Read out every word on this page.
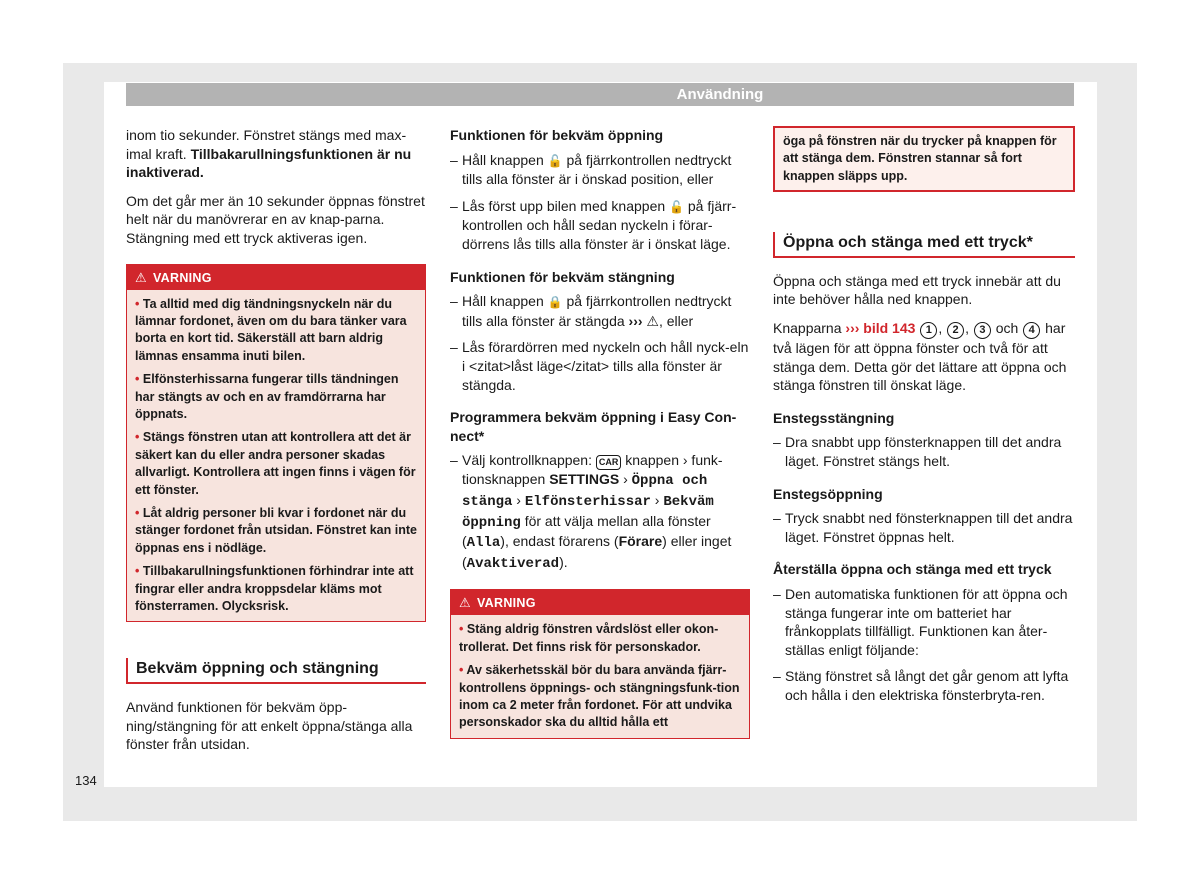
Användning

inom tio sekunder. Fönstret stängs med max-imal kraft. Tillbakarullningsfunktionen är nu inaktiverad.

Om det går mer än 10 sekunder öppnas fönstret helt när du manövrerar en av knap-parna. Stängning med ett tryck aktiveras igen.

⚠ VARNING
• Ta alltid med dig tändningsnyckeln när du lämnar fordonet, även om du bara tänker vara borta en kort tid. Säkerställ att barn aldrig lämnas ensamma inuti bilen.
• Elfönsterhissarna fungerar tills tändningen har stängts av och en av framdörrarna har öppnats.
• Stängs fönstren utan att kontrollera att det är säkert kan du eller andra personer skadas allvarligt. Kontrollera att ingen finns i vägen för ett fönster.
• Låt aldrig personer bli kvar i fordonet när du stänger fordonet från utsidan. Fönstret kan inte öppnas ens i nödläge.
• Tillbakarullningsfunktionen förhindrar inte att fingrar eller andra kroppsdelar kläms mot fönsterramen. Olycksrisk.
Bekväm öppning och stängning

Använd funktionen för bekväm öpp-ning/stängning för att enkelt öppna/stänga alla fönster från utsidan.

Funktionen för bekväm öppning
– Håll knappen 🔓 på fjärrkontrollen nedtryckt tills alla fönster är i önskad position, eller
– Lås först upp bilen med knappen 🔓 på fjärr-kontrollen och håll sedan nyckeln i förar-dörrens lås tills alla fönster är i önskat läge.
Funktionen för bekväm stängning
– Håll knappen 🔒 på fjärrkontrollen nedtryckt tills alla fönster är stängda ››› ⚠, eller
– Lås förardörren med nyckeln och håll nyck-eln i <zitat>låst läge</zitat> tills alla fönster är stängda.
Programmera bekväm öppning i Easy Con-nect*
– Välj kontrollknappen: CAR knappen › funk-tionsknappen SETTINGS › Öppna och stänga › Elfönsterhissar › Bekväm öppning för att välja mellan alla fönster (Alla), endast förarens (Förare) eller inget (Avaktiverad).
⚠ VARNING
• Stäng aldrig fönstren vårdslöst eller okon-trollerat. Det finns risk för personskador.
• Av säkerhetsskäl bör du bara använda fjärr-kontrollens öppnings- och stängningsfunk-tion inom ca 2 meter från fordonet. För att undvika personskador ska du alltid hålla ett
öga på fönstren när du trycker på knappen för att stänga dem. Fönstren stannar så fort knappen släpps upp.
Öppna och stänga med ett tryck*

Öppna och stänga med ett tryck innebär att du inte behöver hålla ned knappen.

Knapparna ››› bild 143 1 , 2 , 3 och 4 har två lägen för att öppna fönster och två för att stänga dem. Detta gör det lättare att öppna och stänga fönstren till önskat läge.

Enstegsstängning
– Dra snabbt upp fönsterknappen till det andra läget. Fönstret stängs helt.
Enstegsöppning
– Tryck snabbt ned fönsterknappen till det andra läget. Fönstret öppnas helt.
Återställa öppna och stänga med ett tryck
– Den automatiska funktionen för att öppna och stänga fungerar inte om batteriet har frånkopplats tillfälligt. Funktionen kan åter-ställas enligt följande:
– Stäng fönstret så långt det går genom att lyfta och hålla i den elektriska fönsterbryta-ren.
134
